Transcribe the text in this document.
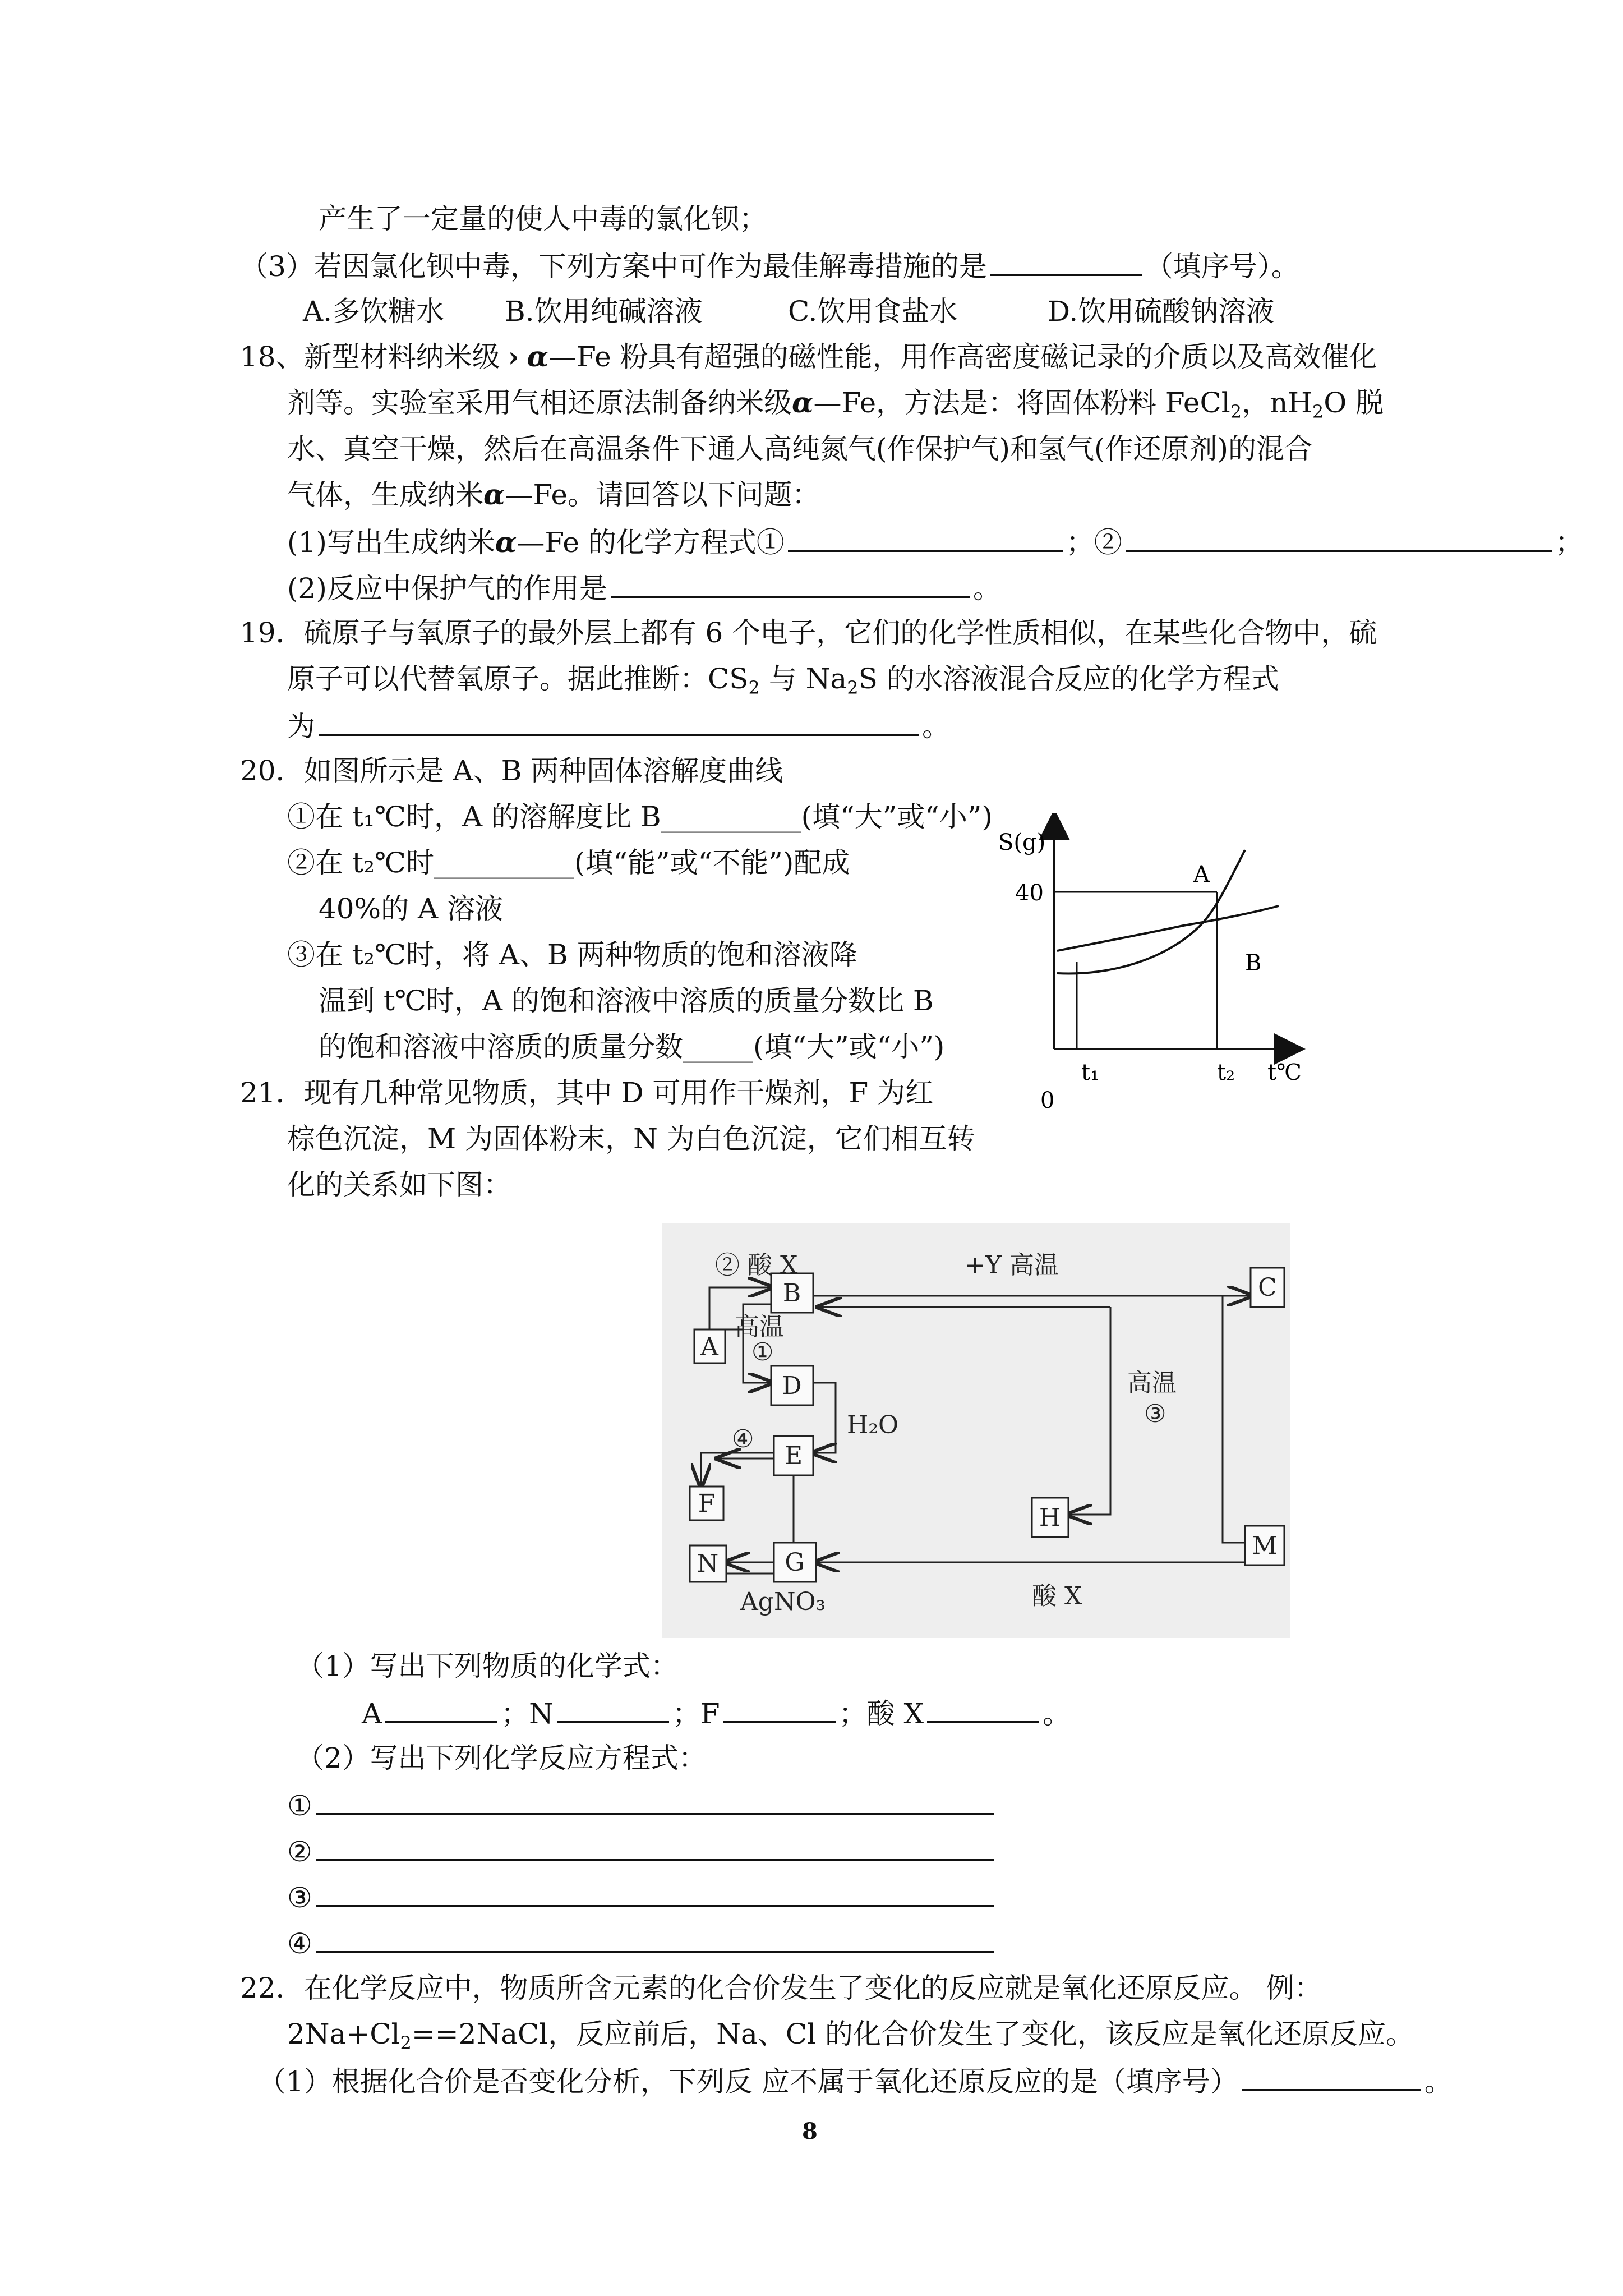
产生了一定量的使人中毒的氯化钡；
（3）若因氯化钡中毒，下列方案中可作为最佳解毒措施的是	（填序号）。
A.多饮糖水 B.饮用纯碱溶液	C.饮用食盐水	D.饮用硫酸钠溶液
18、新型材料纳米级 › α—Fe 粉具有超强的磁性能，用作高密度磁记录的介质以及高效催化
剂等。实验室采用气相还原法制备纳米级α—Fe，方法是：将固体粉料 FeCl$_2$，$nH_2O$ 脱
水、真空干燥，然后在高温条件下通人高纯氮气(作保护气)和氢气(作还原剂)的混合
气体，生成纳米α—Fe。请回答以下问题：
(1)写出生成纳米α—Fe 的化学方程式①	；②	；
(2)反应中保护气的作用是	。
19．硫原子与氧原子的最外层上都有 6 个电子，它们的化学性质相似，在某些化合物中，硫
原子可以代替氧原子。据此推断：$CS_2$ 与 $Na_2S$ 的水溶液混合反应的化学方程式
为	。
20．如图所示是 A、B 两种固体溶解度曲线
①在 t₁℃时，A 的溶解度比 B__________(填“大”或“小”)
②在 t₂℃时__________(填“能”或“不能”)配成
40%的 A 溶液
③在 t₂℃时，将 A、B 两种物质的饱和溶液降
温到 t℃时，A 的饱和溶液中溶质的质量分数比 B
的饱和溶液中溶质的质量分数_____(填“大”或“小”)
S(g)
40
A
B
t₁	t₂ t℃
0
21．现有几种常见物质，其中 D 可用作干燥剂，F 为红
棕色沉淀，M 为固体粉末，N 为白色沉淀，它们相互转
化的关系如下图：
A
B	C
D
E
F
G
H
M
N
② 酸 X	+Y 高温
高温
①
H₂O
④
高温
③
酸 X
AgNO₃
（1）写出下列物质的化学式：
A	；N	；F	；酸 X	。
（2）写出下列化学反应方程式：
①
②
③
④
22．在化学反应中，物质所含元素的化合价发生了变化的反应就是氧化还原反应。 例：
$2Na+Cl_2==2NaCl$，反应前后，Na、Cl 的化合价发生了变化，该反应是氧化还原反应。
（1）根据化合价是否变化分析，下列反 应不属于氧化还原反应的是（填序号）	。
8
